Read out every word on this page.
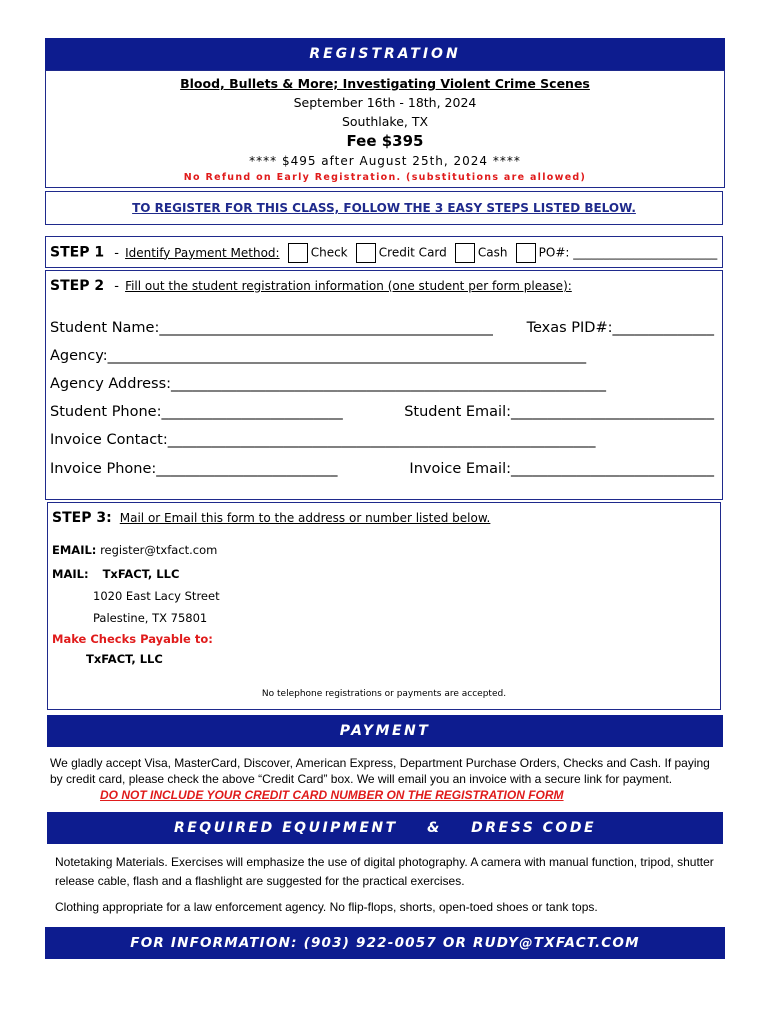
REGISTRATION
Blood, Bullets & More; Investigating Violent Crime Scenes
September 16th - 18th, 2024
Southlake, TX
Fee $395
**** $495 after August 25th, 2024 ****
No Refund on Early Registration. (substitutions are allowed)
TO REGISTER FOR THIS CLASS, FOLLOW THE 3 EASY STEPS LISTED BELOW.
STEP 1 - Identify Payment Method:	Check	Credit Card	Cash	PO#: ________________________
STEP 2 - Fill out the student registration information (one student per form please):
Student Name:______________________________________________ Texas PID#:______________
Agency:__________________________________________________________________
Agency Address:____________________________________________________________
Student Phone:_________________________	Student Email:____________________________
Invoice Contact:___________________________________________________________
Invoice Phone:_________________________	Invoice Email:____________________________
STEP 3: Mail or Email this form to the address or number listed below.
EMAIL: register@txfact.com
MAIL: TxFACT, LLC
1020 East Lacy Street
Palestine, TX 75801
Make Checks Payable to:
TxFACT, LLC
No telephone registrations or payments are accepted.
PAYMENT
We gladly accept Visa, MasterCard, Discover, American Express, Department Purchase Orders, Checks and Cash. If paying by credit card, please check the above “Credit Card” box. We will email you an invoice with a secure link for payment. DO NOT INCLUDE YOUR CREDIT CARD NUMBER ON THE REGISTRATION FORM
REQUIRED EQUIPMENT & DRESS CODE
Notetaking Materials. Exercises will emphasize the use of digital photography. A camera with manual function, tripod, shutter release cable, flash and a flashlight are suggested for the practical exercises.
Clothing appropriate for a law enforcement agency. No flip-flops, shorts, open-toed shoes or tank tops.
FOR INFORMATION: (903) 922-0057 OR RUDY@TXFACT.COM
